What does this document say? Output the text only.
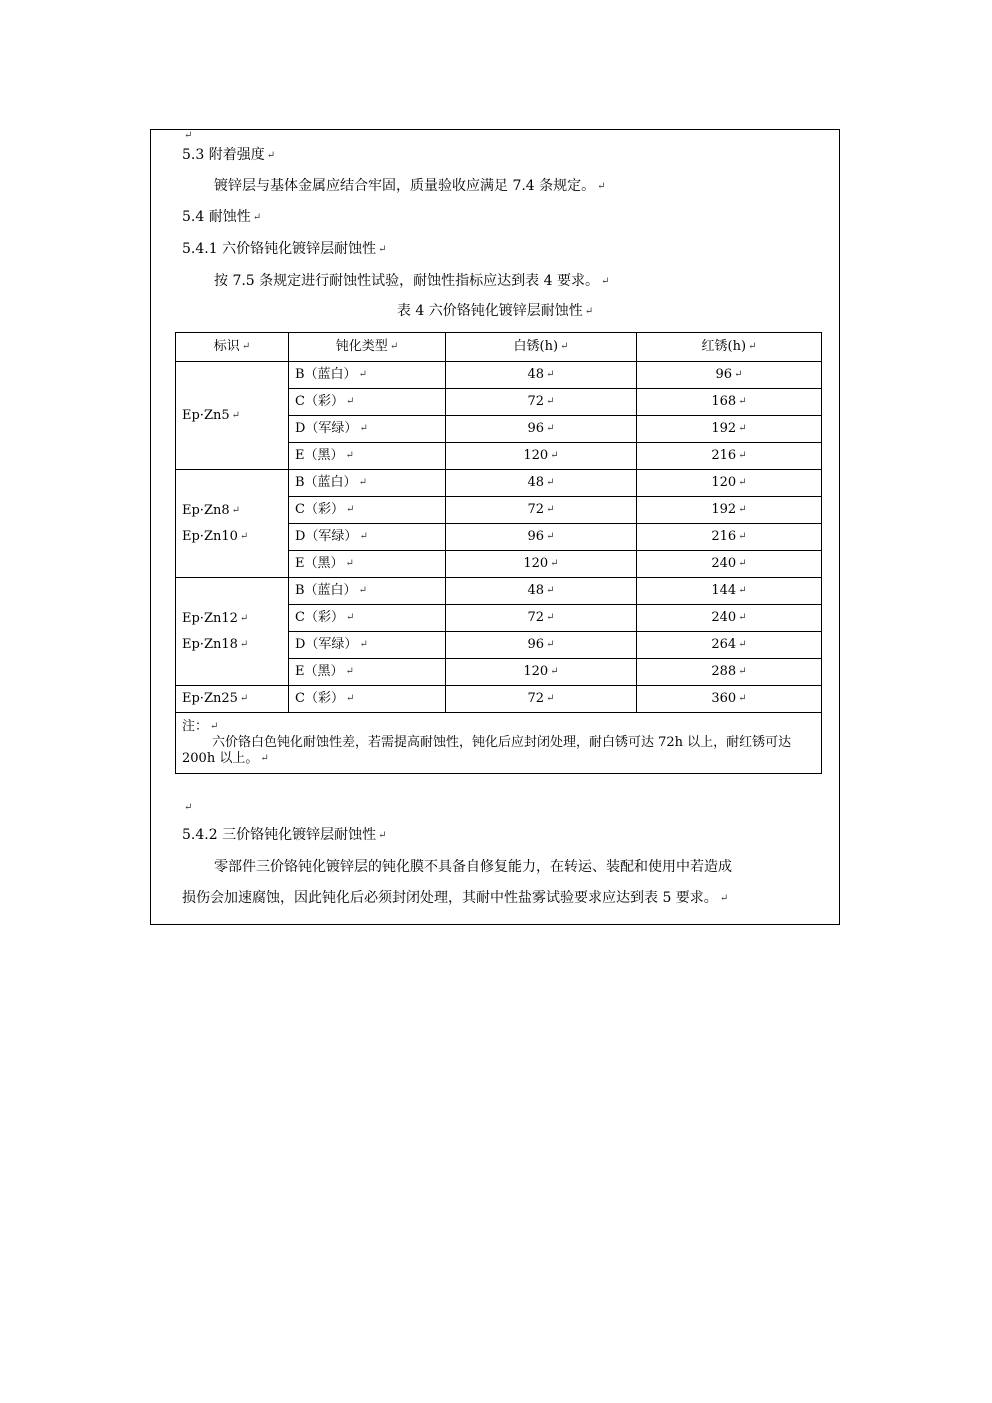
↵
5.3 附着强度 ↵
镀锌层与基体金属应结合牢固，质量验收应满足 7.4 条规定。 ↵
5.4 耐蚀性 ↵
5.4.1 六价铬钝化镀锌层耐蚀性 ↵
按 7.5 条规定进行耐蚀性试验，耐蚀性指标应达到表 4 要求。 ↵
表 4 六价铬钝化镀锌层耐蚀性 ↵
标识 ↵	钝化类型 ↵	白锈(h) ↵	红锈(h) ↵

Ep·Zn5 ↵	B（蓝白） ↵	48 ↵	96 ↵
	C（彩） ↵	72 ↵	168 ↵
	D（军绿） ↵	96 ↵	192 ↵
	E（黑） ↵	120 ↵	216 ↵

Ep·Zn8 ↵
Ep·Zn10 ↵	B（蓝白） ↵	48 ↵	120 ↵
	C（彩） ↵	72 ↵	192 ↵
	D（军绿） ↵	96 ↵	216 ↵
	E（黑） ↵	120 ↵	240 ↵

Ep·Zn12 ↵
Ep·Zn18 ↵	B（蓝白） ↵	48 ↵	144 ↵
	C（彩） ↵	72 ↵	240 ↵
	D（军绿） ↵	96 ↵	264 ↵
	E（黑） ↵	120 ↵	288 ↵

Ep·Zn25 ↵	C（彩） ↵	72 ↵	360 ↵

注： ↵
六价铬白色钝化耐蚀性差，若需提高耐蚀性，钝化后应封闭处理，耐白锈可达 72h 以上，耐红锈可达 200h 以上。 ↵			
↵
5.4.2 三价铬钝化镀锌层耐蚀性 ↵
零部件三价铬钝化镀锌层的钝化膜不具备自修复能力，在转运、装配和使用中若造成
损伤会加速腐蚀，因此钝化后必须封闭处理，其耐中性盐雾试验要求应达到表 5 要求。 ↵
